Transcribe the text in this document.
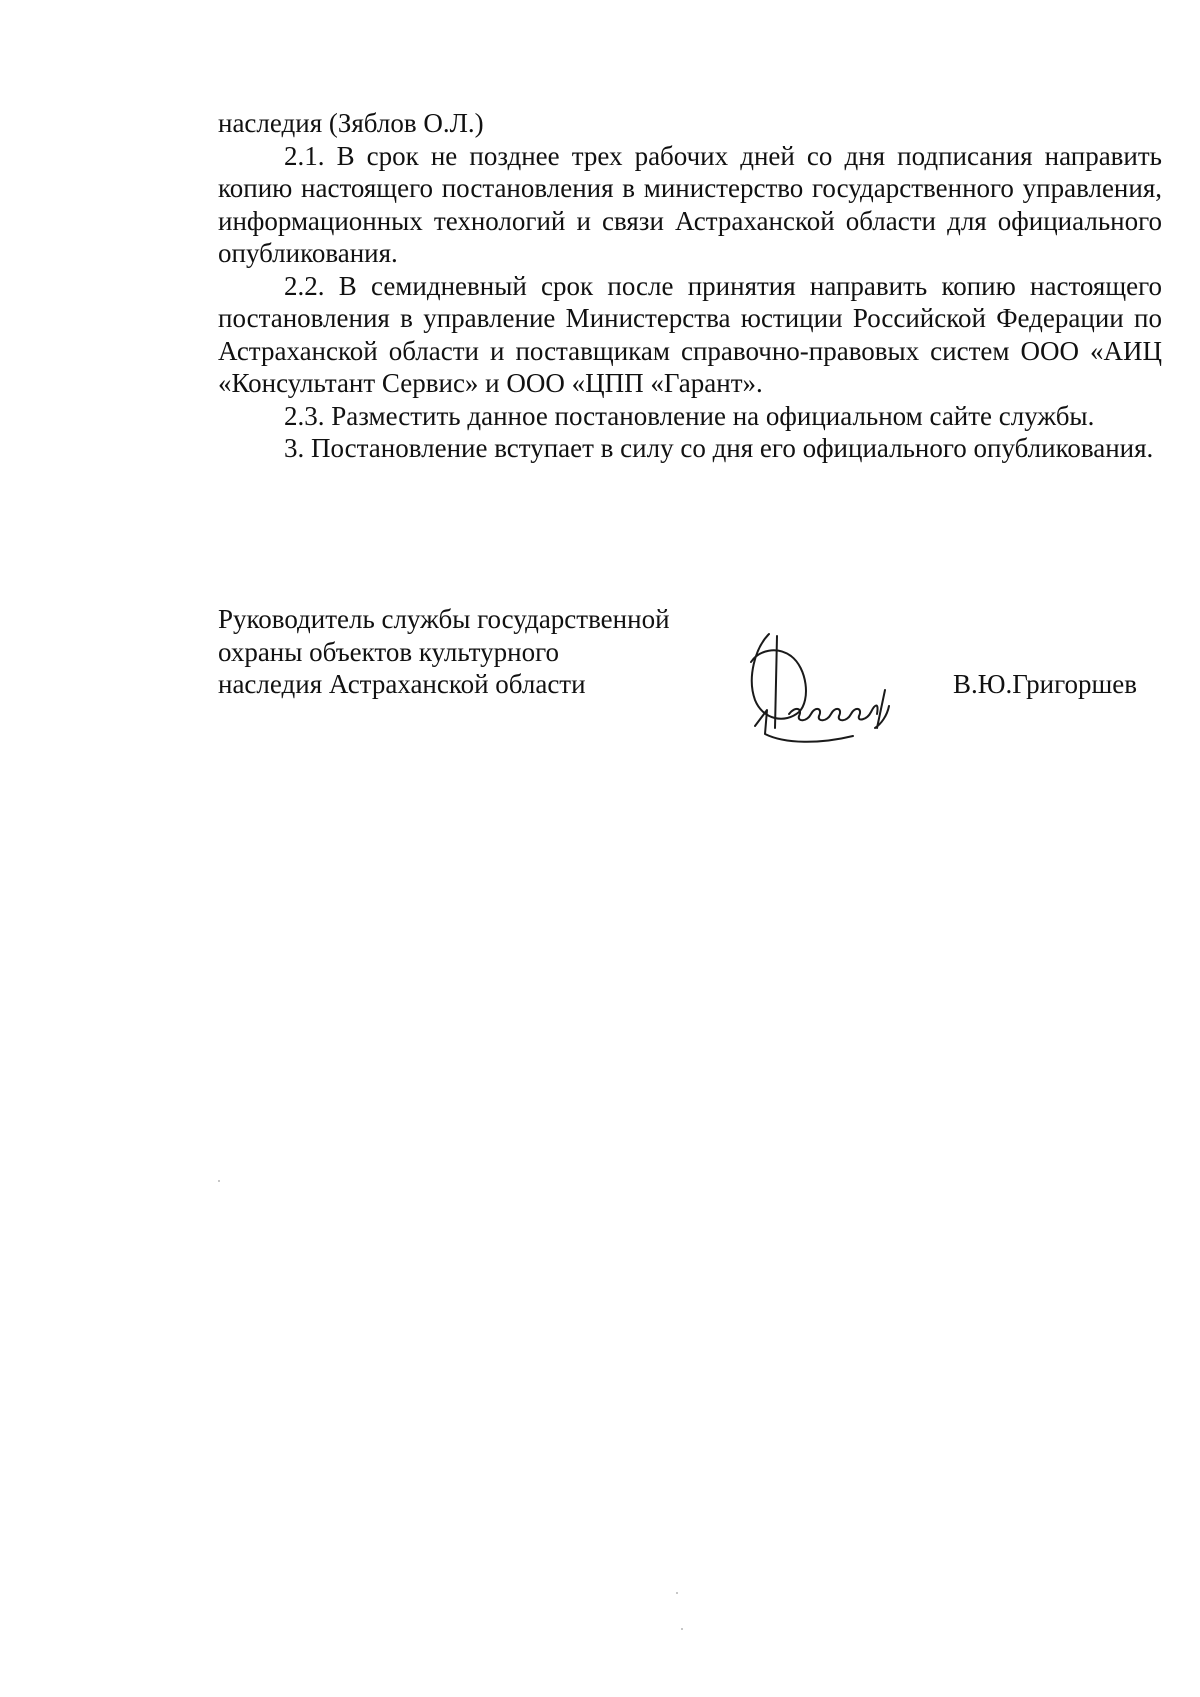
наследия (Зяблов О.Л.)

2.1. В срок не позднее трех рабочих дней со дня подписания направить копию настоящего постановления в министерство государственного управления, информационных технологий и связи Астраханской области для официального опубликования.

2.2. В семидневный срок после принятия направить копию настоящего постановления в управление Министерства юстиции Российской Федерации по Астраханской области и поставщикам справочно-правовых систем ООО «АИЦ «Консультант Сервис» и ООО «ЦПП «Гарант».

2.3. Разместить данное постановление на официальном сайте службы.

3. Постановление вступает в силу со дня его официального опубликования.

Руководитель службы государственной
охраны объектов культурного
наследия Астраханской области	В.Ю.Григоршев
